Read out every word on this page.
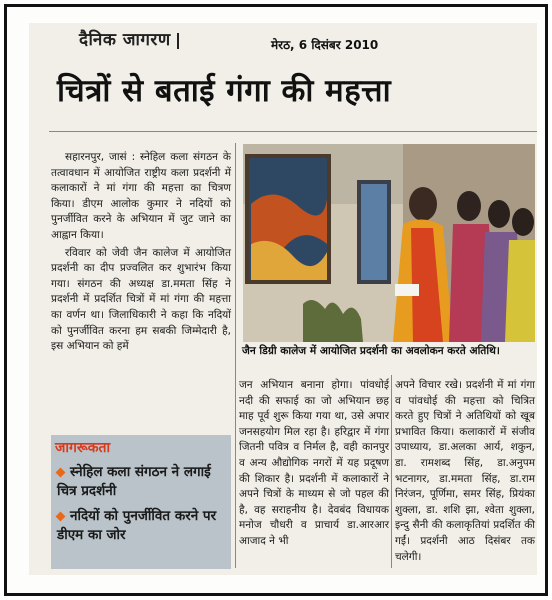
दैनिक जागरण	मेरठ, 6 दिसंबर 2010
चित्रों से बताई गंगा की महत्ता

सहारनपुर, जासं : स्नेहिल कला संगठन के तत्वावधान में आयोजित राष्ट्रीय कला प्रदर्शनी में कलाकारों ने मां गंगा की महत्ता का चित्रण किया। डीएम आलोक कुमार ने नदियों को पुनर्जीवित करने के अभियान में जुट जाने का आह्वान किया।

रविवार को जेवी जैन कालेज में आयोजित प्रदर्शनी का दीप प्रज्वलित कर शुभारंभ किया गया। संगठन की अध्यक्ष डा.ममता सिंह ने प्रदर्शनी में प्रदर्शित चित्रों में मां गंगा की महत्ता का वर्णन था। जिलाधिकारी ने कहा कि नदियों को पुनर्जीवित करना हम सबकी जिम्मेदारी है, इस अभियान को हमें	जैन डिग्री कालेज में आयोजित प्रदर्शनी का अवलोकन करते अतिथि।
जन अभियान बनाना होगा। पांवधोई नदी की सफाई का जो अभियान छह माह पूर्व शुरू किया गया था, उसे अपार जनसहयोग मिल रहा है। हरिद्वार में गंगा जितनी पवित्र व निर्मल है, वही कानपुर व अन्य औद्योगिक नगरों में यह प्रदूषण की शिकार है। प्रदर्शनी में कलाकारों ने अपने चित्रों के माध्यम से जो पहल की है, वह सराहनीय है। देवबंद विधायक मनोज चौधरी व प्राचार्य डा.आरआर आजाद ने भी
अपने विचार रखे। प्रदर्शनी में मां गंगा व पांवधोई की महत्ता को चित्रित करते हुए चित्रों ने अतिथियों को खूब प्रभावित किया। कलाकारों में संजीव उपाध्याय, डा.अलका आर्य, शकुन, डा. रामशब्द सिंह, डा.अनुपम भटनागर, डा.ममता सिंह, डा.राम निरंजन, पूर्णिमा, समर सिंह, प्रियंका शुक्ला, डा. शशि झा, श्वेता शुक्ला, इन्दु सैनी की कलाकृतियां प्रदर्शित की गईं। प्रदर्शनी आठ दिसंबर तक चलेगी।
जागरूकता
स्नेहिल कला संगठन ने लगाई चित्र प्रदर्शनी
नदियों को पुनर्जीवित करने पर डीएम का जोर
